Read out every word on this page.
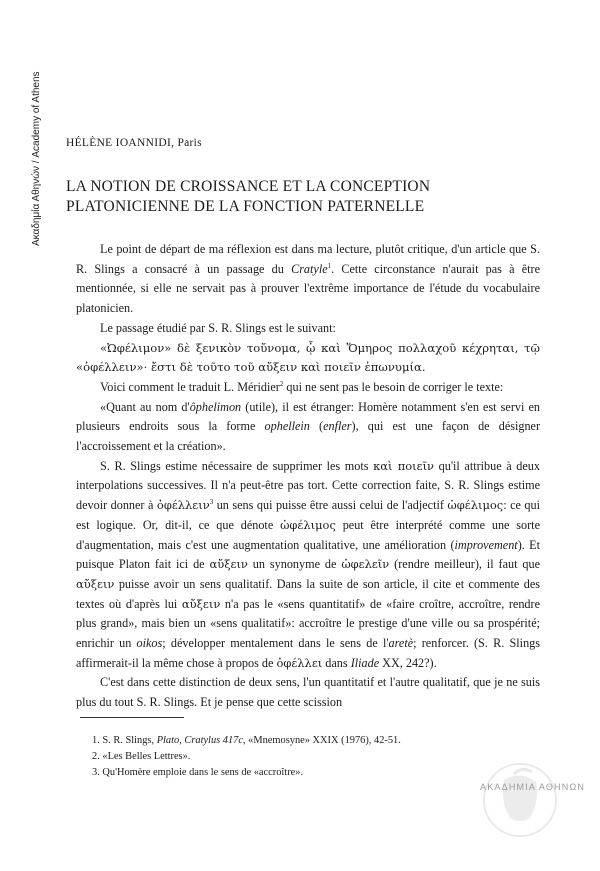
Ακαδημία Αθηνών / Academy of Athens HÉLÈNE IOANNIDI, Paris
LA NOTION DE CROISSANCE ET LA CONCEPTION
PLATONICIENNE DE LA FONCTION PATERNELLE

Le point de départ de ma réflexion est dans ma lecture, plutôt critique, d'un article que S. R. Slings a consacré à un passage du Cratyle$^1$. Cette circonstance n'aurait pas à être mentionnée, si elle ne servait pas à prouver l'extrême importance de l'étude du vocabulaire platonicien.

Le passage étudié par S. R. Slings est le suivant:

«Ὠφέλιμον» δὲ ξενικὸν τοὔνομα, ᾧ καὶ Ὅμηρος πολλαχοῦ κέχρηται, τῷ «ὀφέλλειν»· ἔστι δὲ τοῦτο τοῦ αὔξειν καὶ ποιεῖν ἐπωνυμία.

Voici comment le traduit L. Méridier$^2$ qui ne sent pas le besoin de corriger le texte:

«Quant au nom d'ôphelimon (utile), il est étranger: Homère notamment s'en est servi en plusieurs endroits sous la forme ophellein (enfler), qui est une façon de désigner l'accroissement et la création».

S. R. Slings estime nécessaire de supprimer les mots καὶ ποιεῖν qu'il attribue à deux interpolations successives. Il n'a peut-être pas tort. Cette correction faite, S. R. Slings estime devoir donner à ὀφέλλειν$^3$ un sens qui puisse être aussi celui de l'adjectif ὠφέλιμος: ce qui est logique. Or, dit-il, ce que dénote ὠφέλιμος peut être interprété comme une sorte d'augmentation, mais c'est une augmentation qualitative, une amélioration (improvement). Et puisque Platon fait ici de αὔξειν un synonyme de ὠφελεῖν (rendre meilleur), il faut que αὔξειν puisse avoir un sens qualitatif. Dans la suite de son article, il cite et commente des textes où d'après lui αὔξειν n'a pas le «sens quantitatif» de «faire croître, accroître, rendre plus grand», mais bien un «sens qualitatif»: accroître le prestige d'une ville ou sa prospérité; enrichir un oikos; développer mentalement dans le sens de l'aretè; renforcer. (S. R. Slings affirmerait-il la même chose à propos de ὀφέλλει dans Iliade XX, 242?).

C'est dans cette distinction de deux sens, l'un quantitatif et l'autre qualitatif, que je ne suis plus du tout S. R. Slings. Et je pense que cette scission

1. S. R. Slings, Plato, Cratylus 417c, «Mnemosyne» XXIX (1976), 42-51.
2. «Les Belles Lettres».
3. Qu'Homère emploie dans le sens de «accroître».
ΑΚΑΔΗΜΙΑ ΑΘΗΝΩΝ
